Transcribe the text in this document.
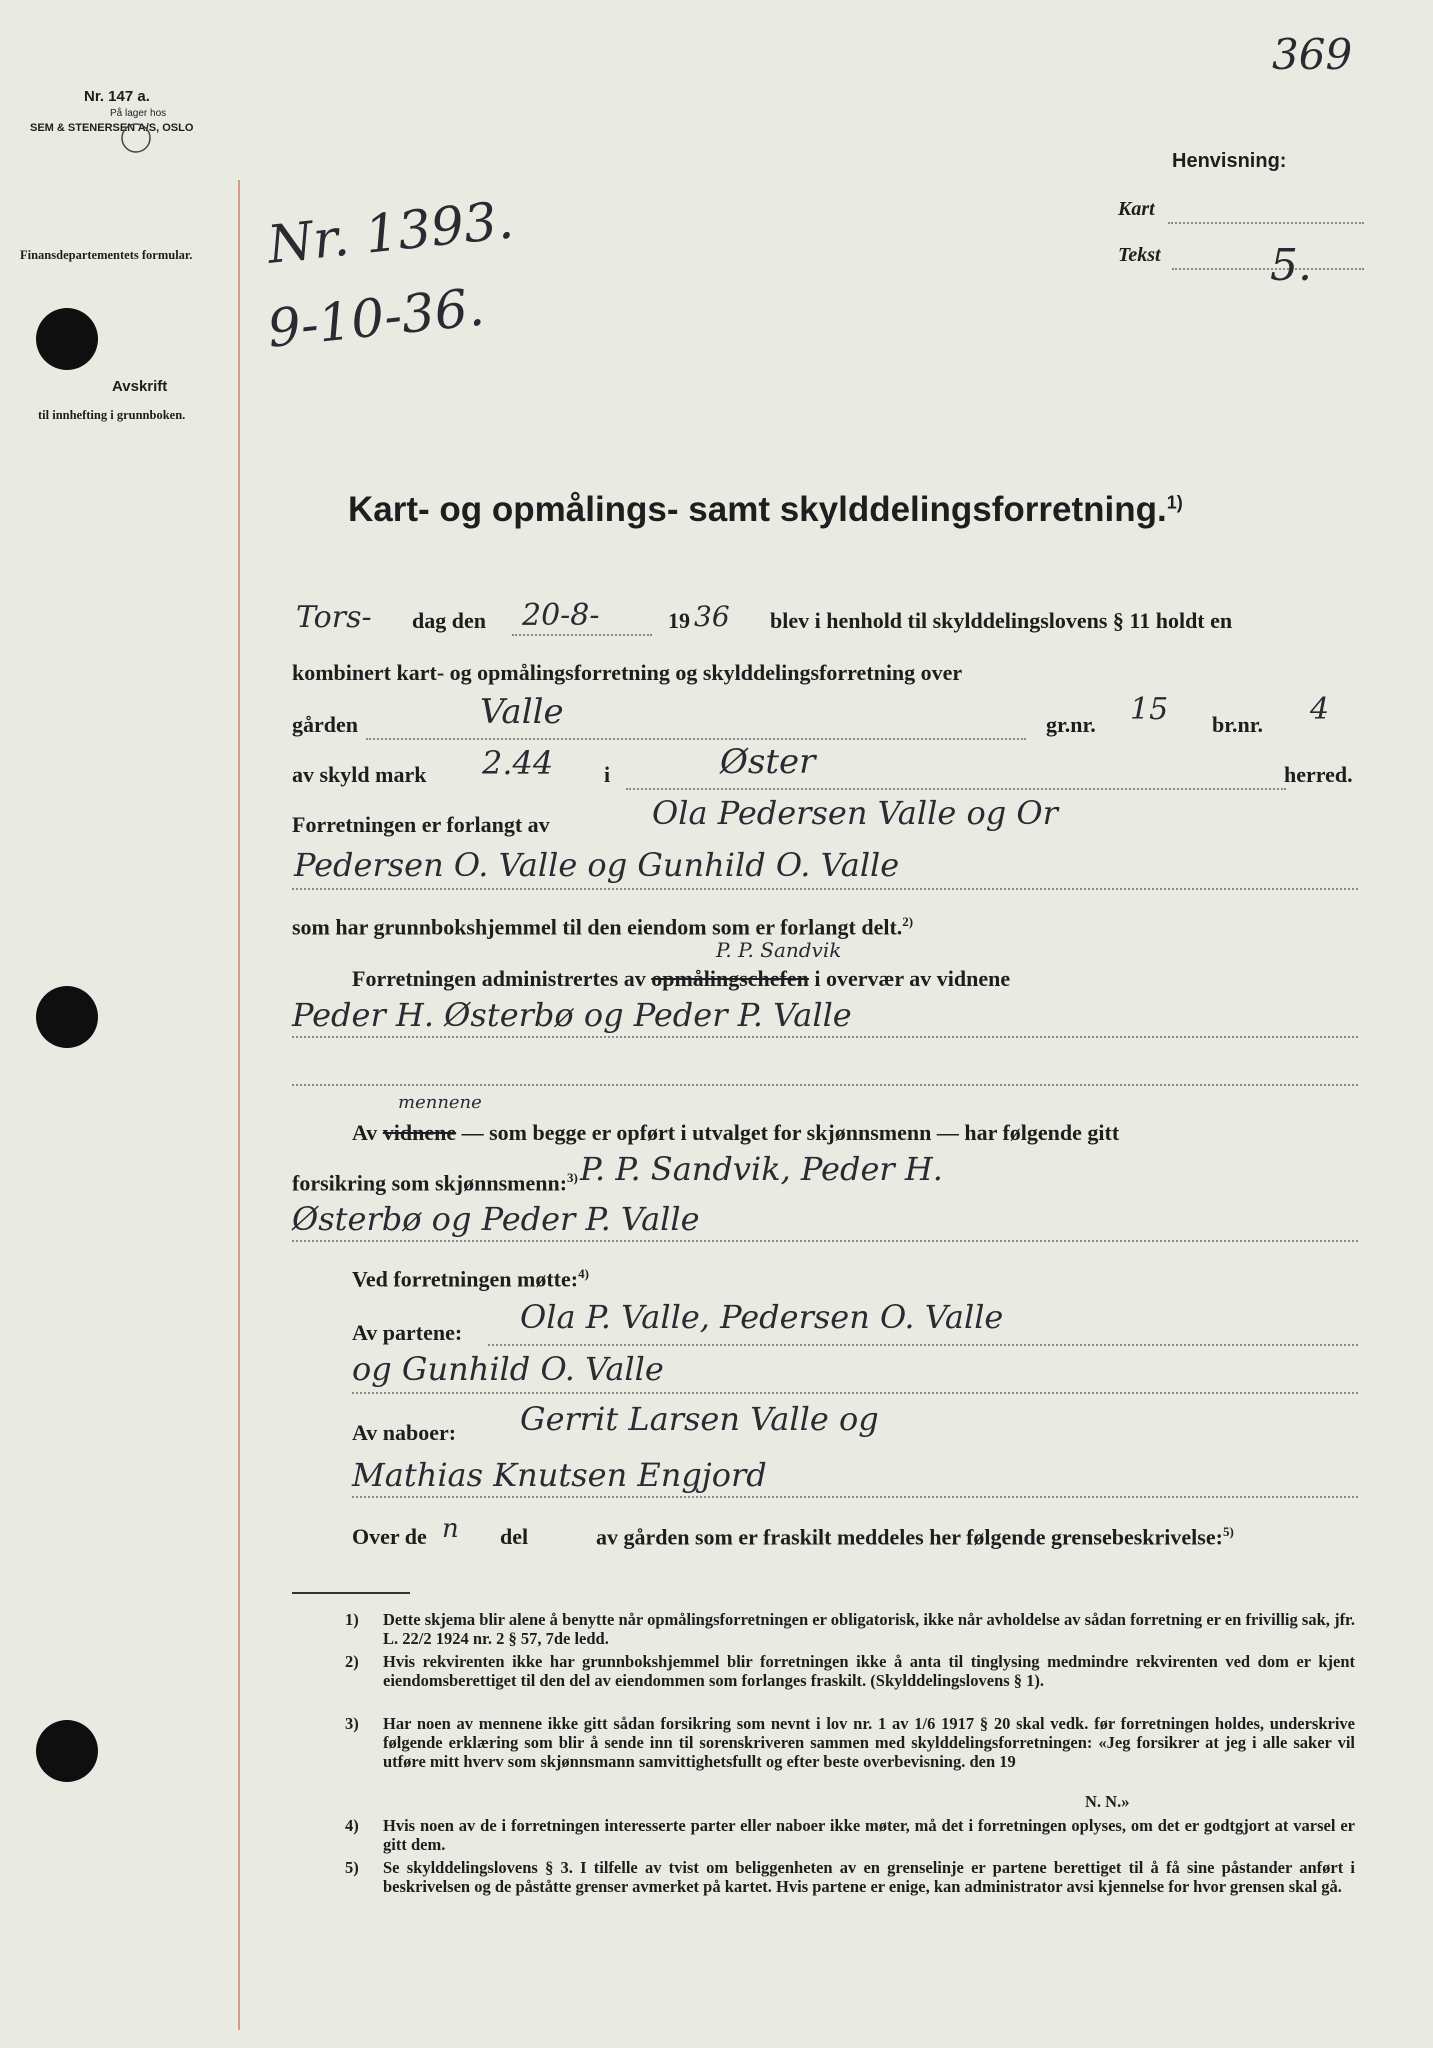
Nr. 147 a.
På lager hos
SEM & STENERSEN A/S, OSLO
Finansdepartementets formular.
Avskrift
til innhefting i grunnboken.
369
Henvisning:
Kart
Tekst 5.
Nr. 1393.
9-10-36.
Kart- og opmålings- samt skylddelingsforretning.$^{1)}$
Tors- dag den 20-8-	19 36 blev i henhold til skylddelingslovens § 11 holdt en
kombinert kart- og opmålingsforretning og skylddelingsforretning over
gården	Valle	gr.nr. 15 br.nr. 4
av skyld mark 2.44 i	Øster	herred.
Forretningen er forlangt av	Ola Pedersen Valle og Or
Pedersen O. Valle og Gunhild O. Valle
som har grunnbokshjemmel til den eiendom som er forlangt delt.$^{2)}$
P. P. Sandvik
Forretningen administrertes av opmålingschefen i overvær av vidnene
Peder H. Østerbø og Peder P. Valle
mennene
Av vidnene — som begge er opført i utvalget for skjønnsmenn — har følgende gitt
forsikring som skjønnsmenn:$^{3)}$ P. P. Sandvik, Peder H.
Østerbø og Peder P. Valle
Ved forretningen møtte:$^{4)}$
Av partene: Ola P. Valle, Pedersen O. Valle
og Gunhild O. Valle
Av naboer: Gerrit Larsen Valle og
Mathias Knutsen Engjord
Over de n del	av gården som er fraskilt meddeles her følgende grensebeskrivelse:$^{5)}$
1) Dette skjema blir alene å benytte når opmålingsforretningen er obligatorisk, ikke når avholdelse av sådan forretning er en frivillig sak, jfr. L. 22/2 1924 nr. 2 § 57, 7de ledd.
2) Hvis rekvirenten ikke har grunnbokshjemmel blir forretningen ikke å anta til tinglysing medmindre rekvirenten ved dom er kjent eiendomsberettiget til den del av eiendommen som forlanges fraskilt. (Skylddelingslovens § 1).
3) Har noen av mennene ikke gitt sådan forsikring som nevnt i lov nr. 1 av 1/6 1917 § 20 skal vedk. før forretningen holdes, underskrive følgende erklæring som blir å sende inn til sorenskriveren sammen med skylddelingsforretningen: «Jeg forsikrer at jeg i alle saker vil utføre mitt hverv som skjønnsmann samvittighetsfullt og efter beste overbevisning. den 19
N. N.»
4) Hvis noen av de i forretningen interesserte parter eller naboer ikke møter, må det i forretningen oplyses, om det er godtgjort at varsel er gitt dem.
5) Se skylddelingslovens § 3. I tilfelle av tvist om beliggenheten av en grenselinje er partene berettiget til å få sine påstander anført i beskrivelsen og de påståtte grenser avmerket på kartet. Hvis partene er enige, kan administrator avsi kjennelse for hvor grensen skal gå.
